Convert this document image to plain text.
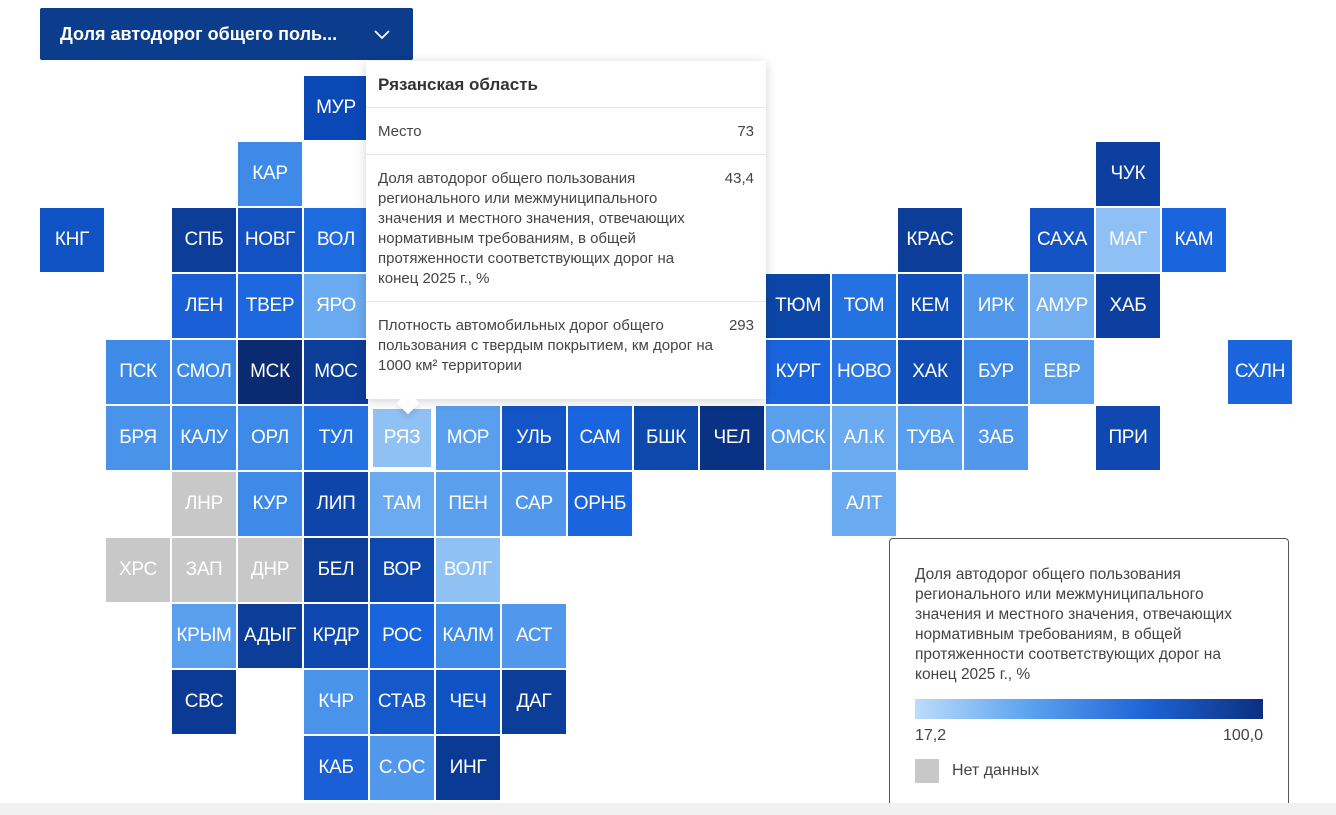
Доля автодорог общего поль...
МУР
КАР	ЧУК
КНГ	СПБ	НОВГ	ВОЛ	КРАС	САХА	МАГ	КАМ
ЛЕН	ТВЕР	ЯРО	ТЮМ	ТОМ	КЕМ	ИРК	АМУР	ХАБ
ПСК	СМОЛ МСК	МОС	КУРГ НОВО	ХАК	БУР	ЕВР	СХЛН
БРЯ	КАЛУ	ОРЛ	ТУЛ	РЯЗ	МОР	УЛЬ	САМ	БШК	ЧЕЛ	ОМСК АЛ.К	ТУВА	ЗАБ	ПРИ
ЛНР	КУР	ЛИП	ТАМ	ПЕН	САР	ОРНБ	АЛТ
ХРС	ЗАП	ДНР	БЕЛ	ВОР	ВОЛГ
КРЫМ АДЫГ КРДР	РОС	КАЛМ	АСТ
СВС	КЧР	СТАВ	ЧЕЧ	ДАГ
КАБ	С.ОС	ИНГ
Рязанская область
Место	73
Доля автодорог общего пользования регионального или межмуниципального значения и местного значения, отвечающих нормативным требованиям, в общей протяженности соответствующих дорог на конец 2025 г., %
43,4
Плотность автомобильных дорог общего пользования с твердым покрытием, км дорог на 1000 км² территории
293
Доля автодорог общего пользования регионального или межмуниципального значения и местного значения, отвечающих нормативным требованиям, в общей протяженности соответствующих дорог на конец 2025 г., %
17,2	100,0
Нет данных
